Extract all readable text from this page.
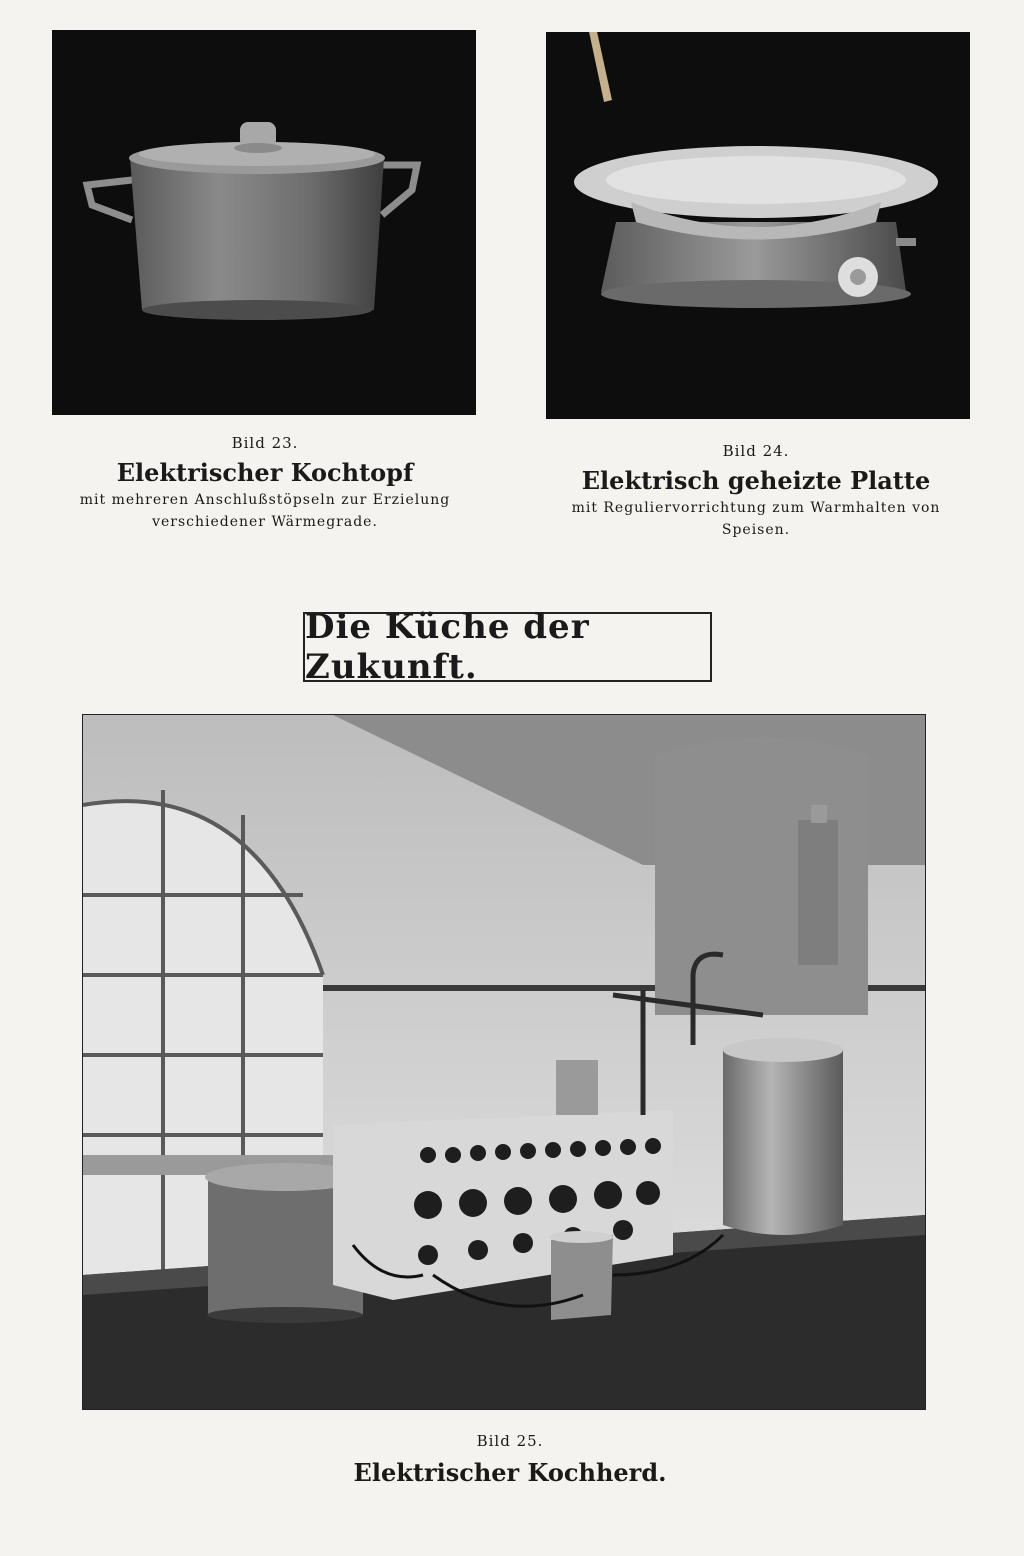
Bild 23.
Elektrischer Kochtopf
mit mehreren Anschlußstöpseln zur Erzielung
verschiedener Wärmegrade.
Bild 24.
Elektrisch geheizte Platte
mit Reguliervorrichtung zum Warmhalten von
Speisen.
Die Küche der Zukunft.
Bild 25.
Elektrischer Kochherd.
